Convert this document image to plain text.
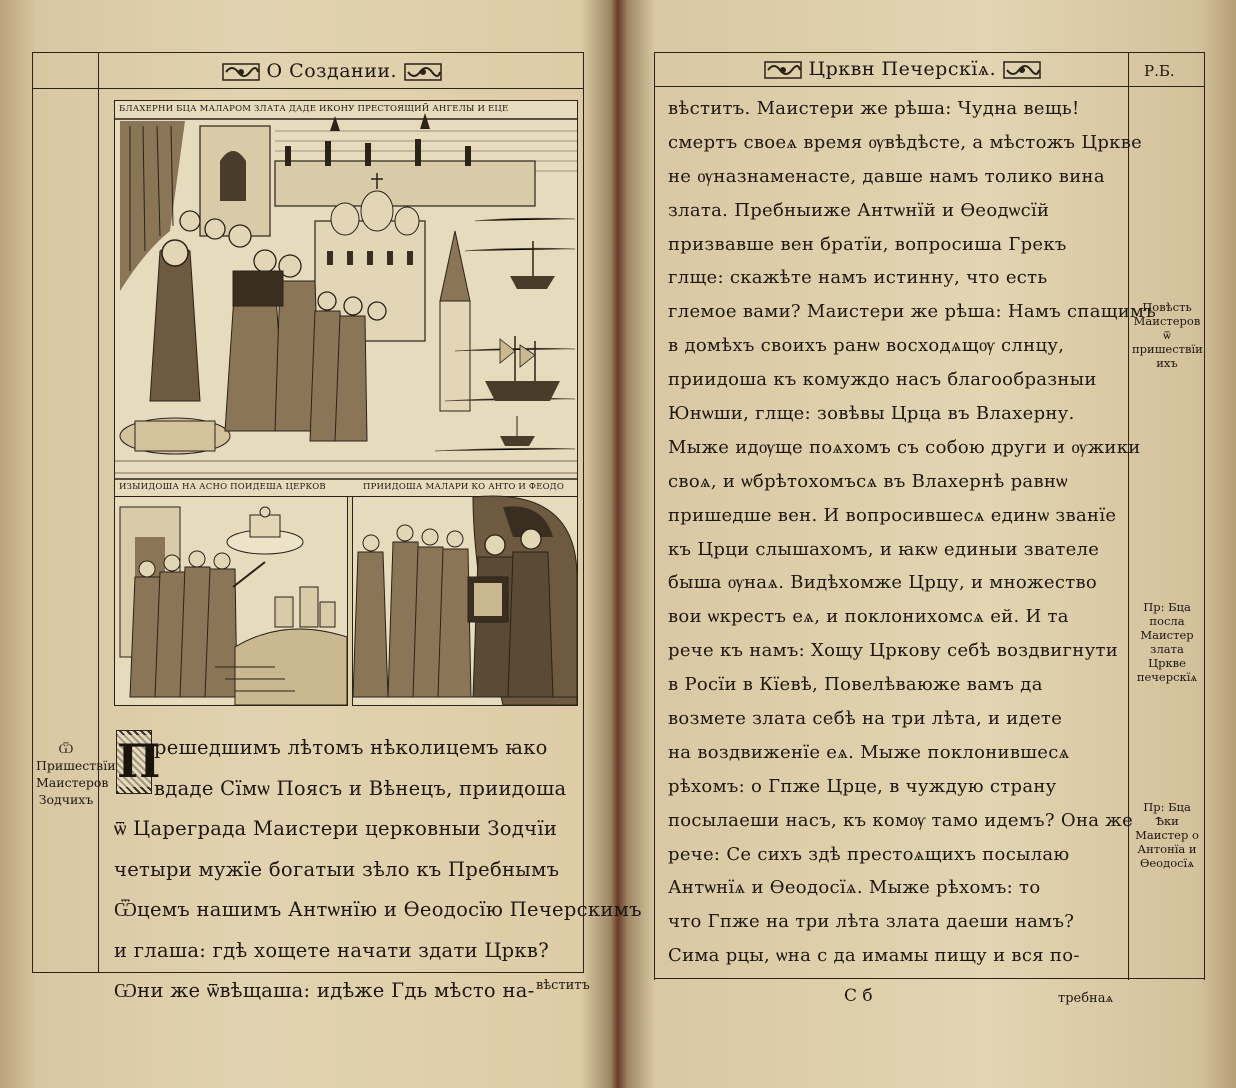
О Создании.
БЛАХЕРНИ БЦА МАЛАРОМ ЗЛАТА ДАДЕ ИКОНУ ПРЕСТОЯЩИЙ АНГЕЛЫ И ЕЦЕ
ИЗЫИДОША НА АСНО ПОИДЕША ЦЕРКОВ	ПРИИДОША МАЛАРИ КО АНТО И ФЕОДО
Ѿ Пришествїи Маистеров Зодчихъ
П
решедшимъ лѣтомъ нѣколицемъ ꙗко
вдаде Сїмѡ Поясъ и Вѣнецъ, приидоша
ѿ Цареграда Маистери церковныи Зодчїи
четыри мужїе богатыи зѣло къ Пребнымъ
Ѿцемъ нашимъ Антѡнїю и Ѳеодосїю Печерскимъ
и глаша: гдѣ хощете начати здати Цркв?
Ѡни же ѿвѣщаша: идѣже Гдь мѣсто на- вѣститъ
Црквн Печерскїѧ.	Р.Б.
вѣститъ. Маистери же рѣша: Чудна вещь!
смертъ своеѧ время ѹвѣдѣсте, а мѣстожъ Цркве
не ѹназнаменасте, давше намъ толико вина
злата. Пребныиже Антѡнїй и Ѳеодѡсїй
призвавше вен братїи, вопросиша Грекъ
глще: скажѣте намъ истинну, что есть
глемое вами? Маистери же рѣша: Намъ спащимъ
в домѣхъ своихъ ранѡ восходѧщѹ слнцу,
приидоша къ комуждо насъ благообразныи
Юнѡши, глще: зовѣвы Црца въ Влахерну.
Мыже идѹще поѧхомъ съ собою други и ѹжики
своѧ, и ѡбрѣтохомъсѧ въ Влахернѣ равнѡ
пришедше вен. И вопросившесѧ единѡ званїе
къ Црци слышахомъ, и ꙗкѡ единыи звателе
быша ѹнаѧ. Видѣхомже Црцу, и множество
вои ѡкрестъ еѧ, и поклонихомсѧ ей. И та
рече къ намъ: Хощу Цркову себѣ воздвигнути
в Росїи в Кїевѣ, Повелѣваюже вамъ да
возмете злата себѣ на три лѣта, и идете
на воздвиженїе еѧ. Мыже поклонившесѧ
рѣхомъ: о Гпже Црце, в чуждую страну
посылаеши насъ, къ комѹ тамо идемъ? Она же
рече: Се сихъ здѣ престоѧщихъ посылаю
Антѡнїѧ и Ѳеодосїѧ. Мыже рѣхомъ: то
что Гпже на три лѣта злата даеши намъ?
Сима рцы, ѡна с да имамы пищу и вся по-
Повѣсть Маистеров ѿ пришествїи ихъ
Пр: Бца посла Маистер злата Цркве печерскїѧ
Пр: Бца Ѣки Маистер о Антонїа и Ѳеодосїѧ
С б	требнаѧ
